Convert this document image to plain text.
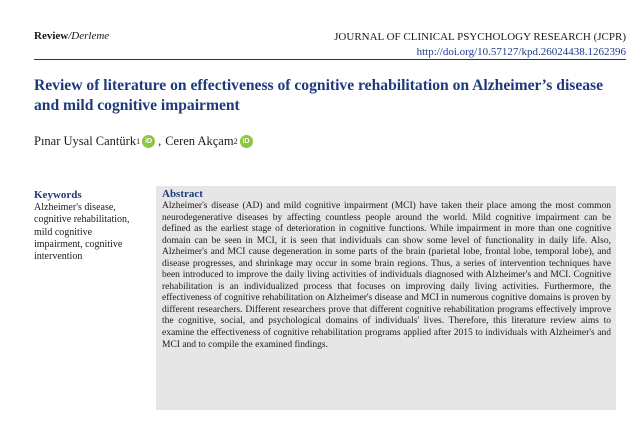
Review/Derleme	JOURNAL OF CLINICAL PSYCHOLOGY RESEARCH (JCPR)
http://doi.org/10.57127/kpd.26024438.1262396
Review of literature on effectiveness of cognitive rehabilitation on Alzheimer’s disease and mild cognitive impairment
Pınar Uysal Cantürk 1 iD , Ceren Akçam 2 iD
Keywords
Alzheimer's disease,
cognitive rehabilitation,
mild cognitive
impairment, cognitive
intervention
Abstract

Alzheimer's disease (AD) and mild cognitive impairment (MCI) have taken their place among the most common neurodegenerative diseases by affecting countless people around the world. Mild cognitive impairment can be defined as the earliest stage of deterioration in cognitive functions. While impairment in more than one cognitive domain can be seen in MCI, it is seen that individuals can show some level of functionality in daily life. Also, Alzheimer's and MCI cause degeneration in some parts of the brain (parietal lobe, frontal lobe, temporal lobe), and disease progresses, and shrinkage may occur in some brain regions. Thus, a series of intervention techniques have been introduced to improve the daily living activities of individuals diagnosed with Alzheimer's and MCI. Cognitive rehabilitation is an individualized process that focuses on improving daily living activities. Furthermore, the effectiveness of cognitive rehabilitation on Alzheimer's disease and MCI in numerous cognitive domains is proven by different researchers. Different researchers prove that different cognitive rehabilitation programs effectively improve the cognitive, social, and psychological domains of individuals' lives. Therefore, this literature review aims to examine the effectiveness of cognitive rehabilitation programs applied after 2015 to individuals with Alzheimer's and MCI and to compile the examined findings.
